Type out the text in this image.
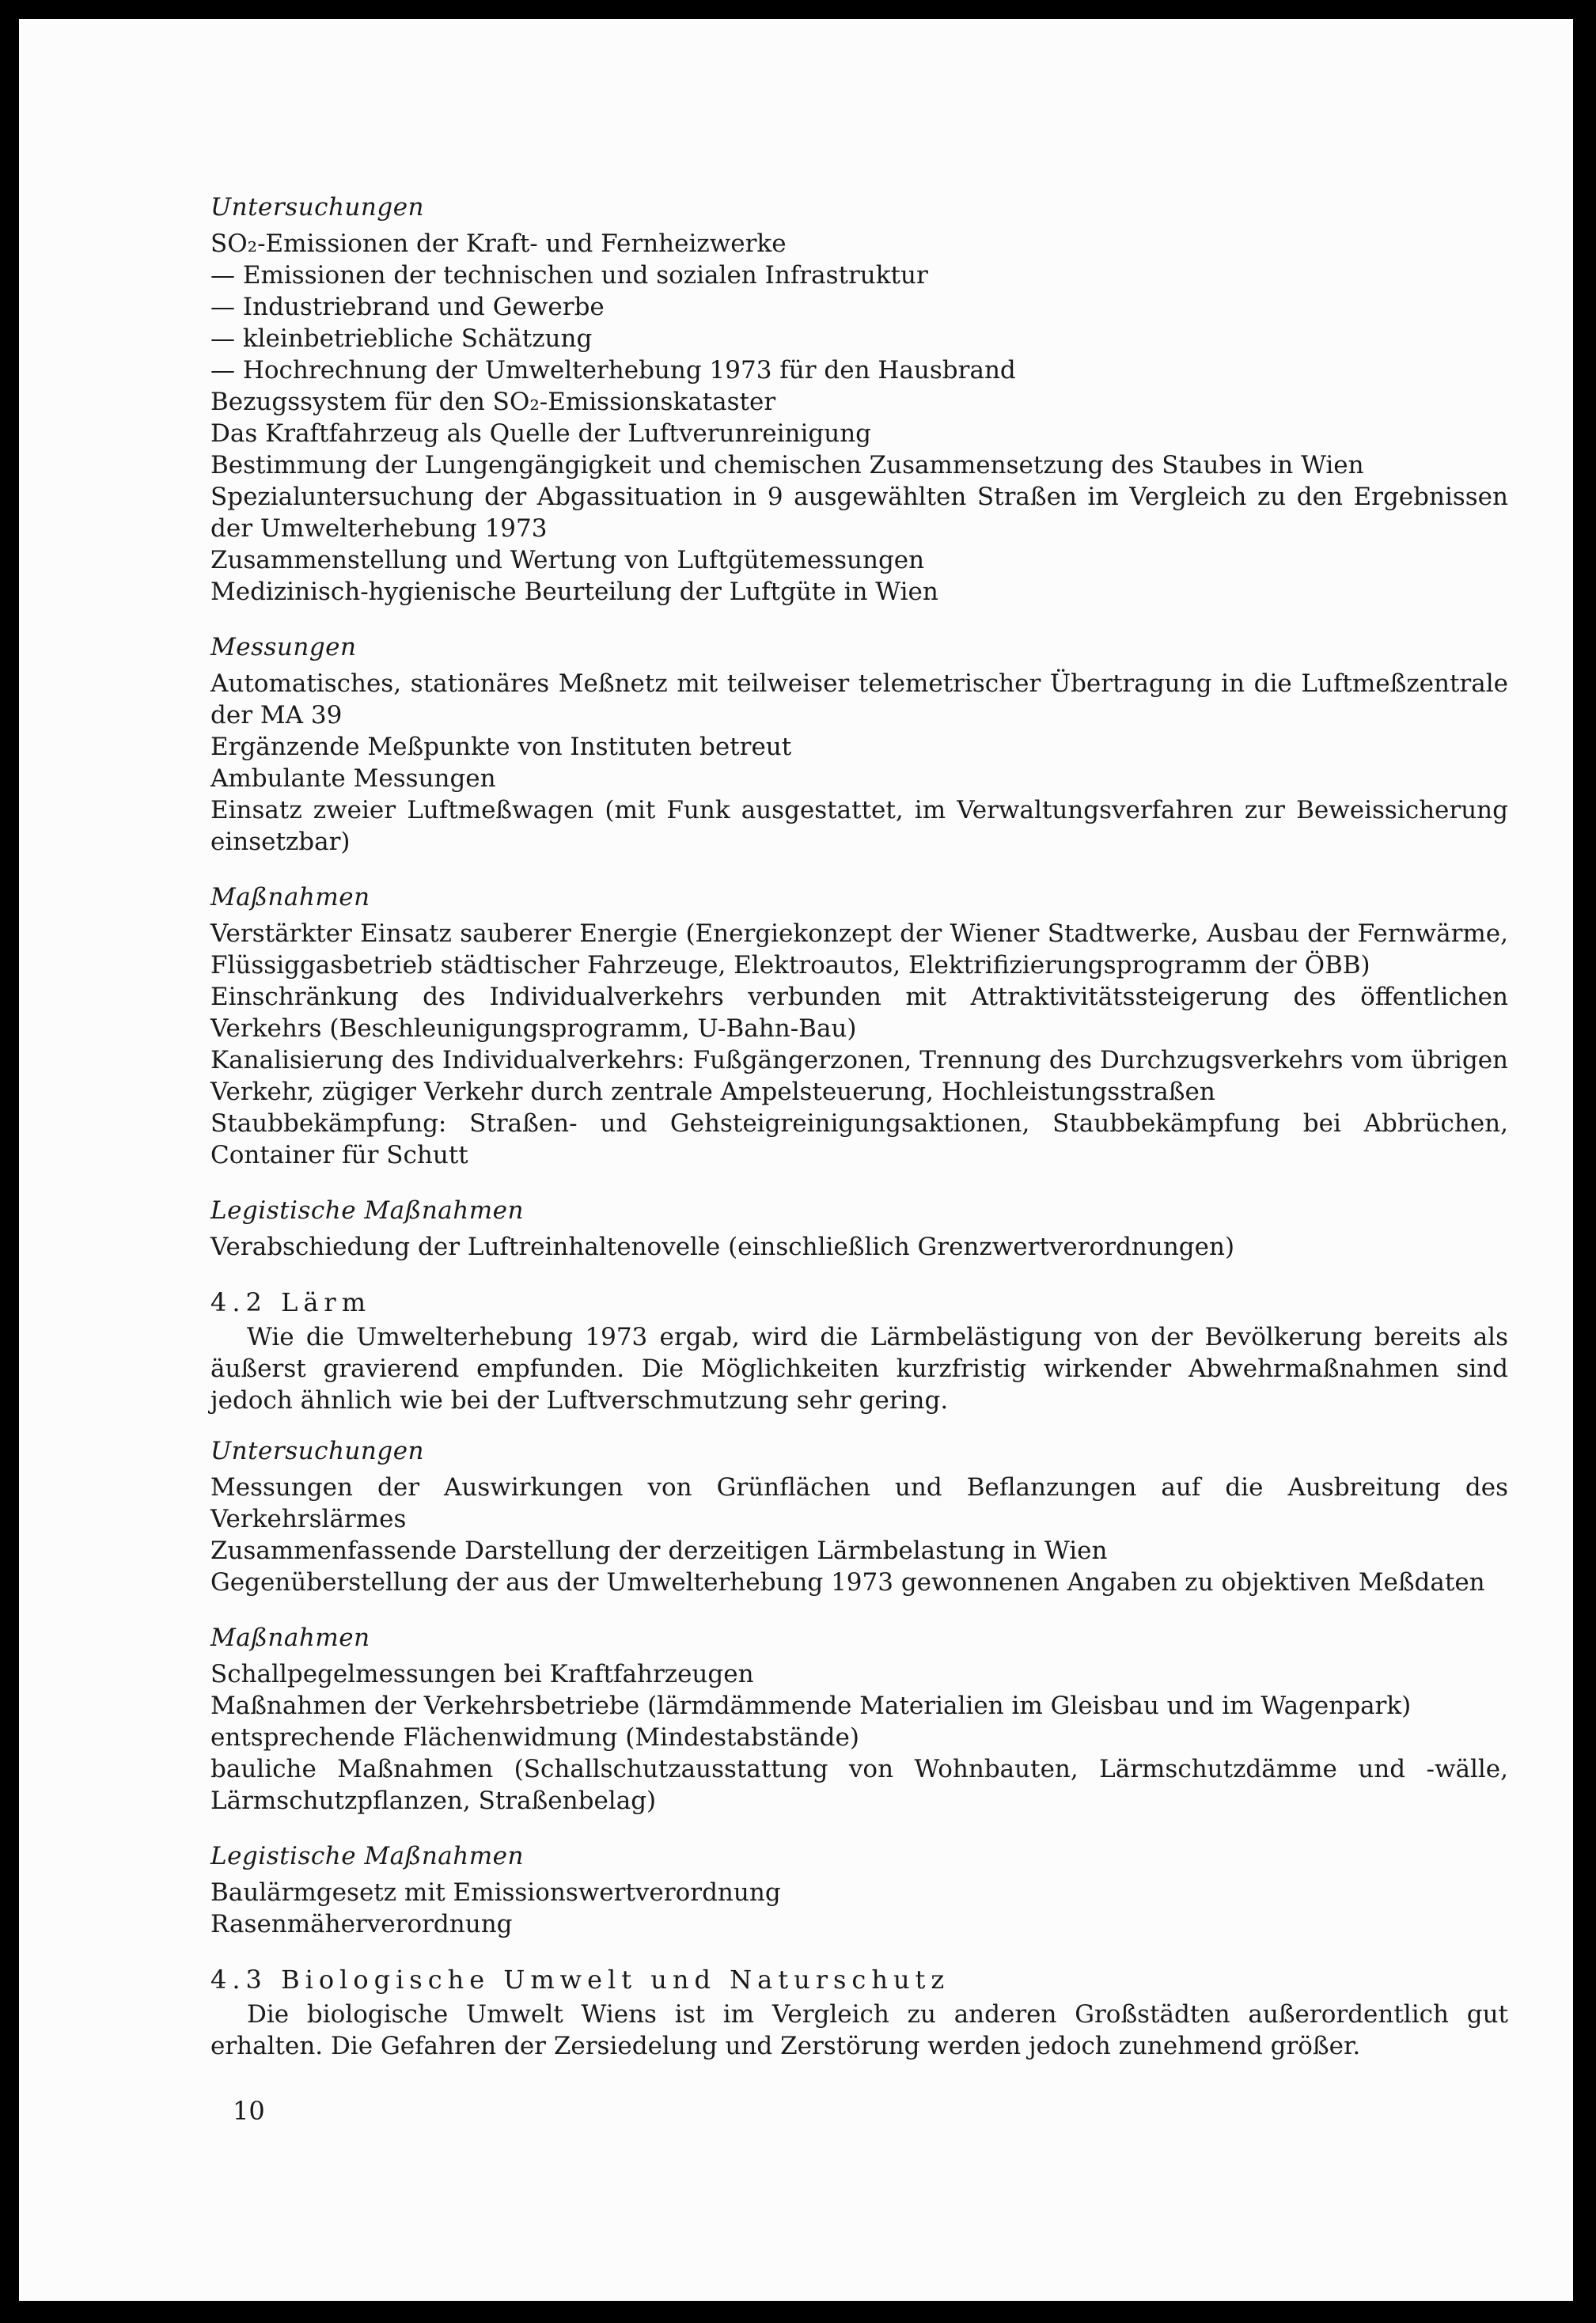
Untersuchungen
SO₂-Emissionen der Kraft- und Fernheizwerke
— Emissionen der technischen und sozialen Infrastruktur
— Industriebrand und Gewerbe
— kleinbetriebliche Schätzung
— Hochrechnung der Umwelterhebung 1973 für den Hausbrand
Bezugssystem für den SO₂-Emissionskataster
Das Kraftfahrzeug als Quelle der Luftverunreinigung
Bestimmung der Lungengängigkeit und chemischen Zusammensetzung des Staubes in Wien
Spezialuntersuchung der Abgassituation in 9 ausgewählten Straßen im Vergleich zu den Ergebnissen der Umwelterhebung 1973
Zusammenstellung und Wertung von Luftgütemessungen
Medizinisch-hygienische Beurteilung der Luftgüte in Wien
Messungen
Automatisches, stationäres Meßnetz mit teilweiser telemetrischer Übertragung in die Luftmeßzentrale der MA 39
Ergänzende Meßpunkte von Instituten betreut
Ambulante Messungen
Einsatz zweier Luftmeßwagen (mit Funk ausgestattet, im Verwaltungsverfahren zur Beweissicherung einsetzbar)
Maßnahmen
Verstärkter Einsatz sauberer Energie (Energiekonzept der Wiener Stadtwerke, Ausbau der Fernwärme, Flüssiggasbetrieb städtischer Fahrzeuge, Elektroautos, Elektrifizierungsprogramm der ÖBB)
Einschränkung des Individualverkehrs verbunden mit Attraktivitätssteigerung des öffentlichen Verkehrs (Beschleunigungsprogramm, U-Bahn-Bau)
Kanalisierung des Individualverkehrs: Fußgängerzonen, Trennung des Durchzugsverkehrs vom übrigen Verkehr, zügiger Verkehr durch zentrale Ampelsteuerung, Hochleistungsstraßen
Staubbekämpfung: Straßen- und Gehsteigreinigungsaktionen, Staubbekämpfung bei Abbrüchen, Container für Schutt
Legistische Maßnahmen
Verabschiedung der Luftreinhaltenovelle (einschließlich Grenzwertverordnungen)
4.2 Lärm
Wie die Umwelterhebung 1973 ergab, wird die Lärmbelästigung von der Bevölkerung bereits als äußerst gravierend empfunden. Die Möglichkeiten kurzfristig wirkender Abwehrmaßnahmen sind jedoch ähnlich wie bei der Luftverschmutzung sehr gering.
Untersuchungen
Messungen der Auswirkungen von Grünflächen und Beflanzungen auf die Ausbreitung des Verkehrslärmes
Zusammenfassende Darstellung der derzeitigen Lärmbelastung in Wien
Gegenüberstellung der aus der Umwelterhebung 1973 gewonnenen Angaben zu objektiven Meßdaten
Maßnahmen
Schallpegelmessungen bei Kraftfahrzeugen
Maßnahmen der Verkehrsbetriebe (lärmdämmende Materialien im Gleisbau und im Wagenpark)
entsprechende Flächenwidmung (Mindestabstände)
bauliche Maßnahmen (Schallschutzausstattung von Wohnbauten, Lärmschutzdämme und -wälle, Lärmschutzpflanzen, Straßenbelag)
Legistische Maßnahmen
Baulärmgesetz mit Emissionswertverordnung
Rasenmäherverordnung
4.3 Biologische Umwelt und Naturschutz
Die biologische Umwelt Wiens ist im Vergleich zu anderen Großstädten außerordentlich gut erhalten. Die Gefahren der Zersiedelung und Zerstörung werden jedoch zunehmend größer.
10
